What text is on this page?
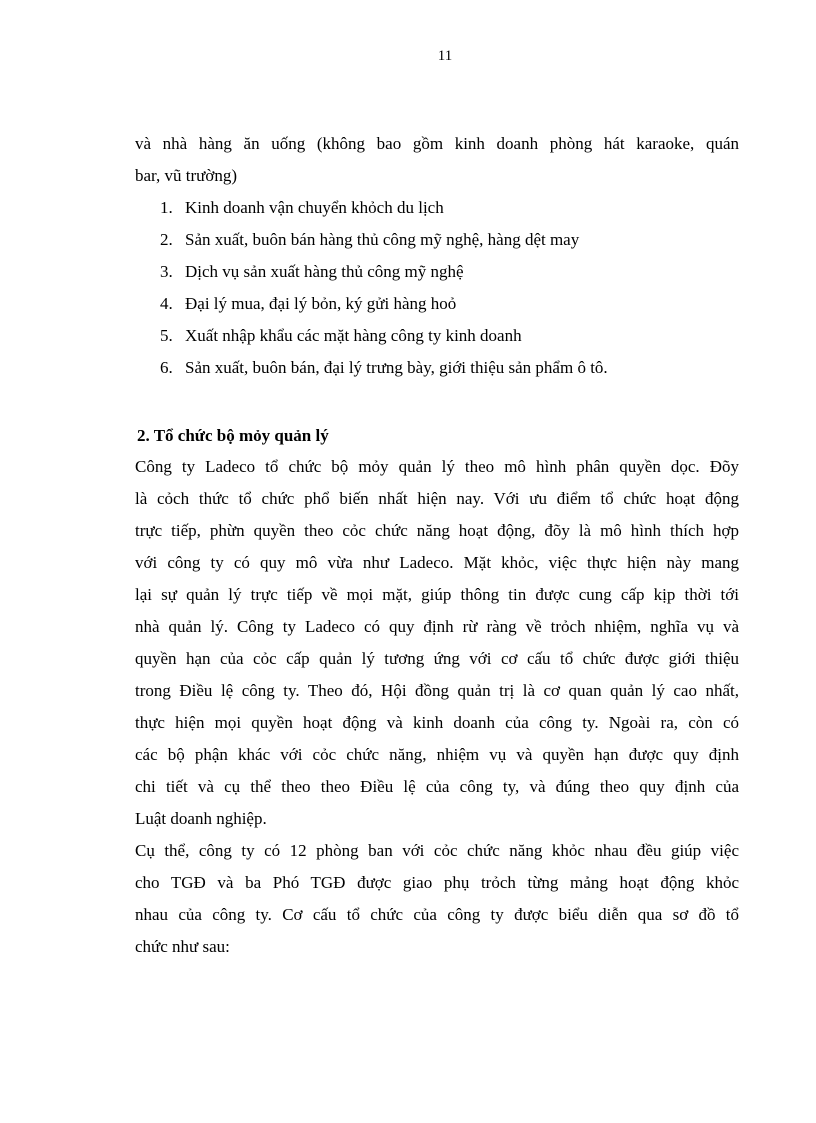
11
và nhà hàng ăn uống (không bao gồm kinh doanh phòng hát karaoke, quán
bar, vũ trường)
1. Kinh doanh vận chuyển khỏch du lịch
2. Sản xuất, buôn bán hàng thủ công mỹ nghệ, hàng dệt may
3. Dịch vụ sản xuất hàng thủ công mỹ nghệ
4. Đại lý mua, đại lý bỏn, ký gửi hàng hoỏ
5. Xuất nhập khẩu các mặt hàng công ty kinh doanh
6. Sản xuất, buôn bán, đại lý trưng bày, giới thiệu sản phẩm ô tô.
2. Tổ chức bộ mỏy quản lý
Công ty Ladeco tổ chức bộ mỏy quản lý theo mô hình phân quyền dọc. Đõy
là cỏch thức tổ chức phổ biến nhất hiện nay. Với ưu điểm tổ chức hoạt động
trực tiếp, phừn quyền theo cỏc chức năng hoạt động, đõy là mô hình thích hợp
với công ty có quy mô vừa như Ladeco. Mặt khỏc, việc thực hiện này mang
lại sự quản lý trực tiếp về mọi mặt, giúp thông tin được cung cấp kịp thời tới
nhà quản lý. Công ty Ladeco có quy định rừ ràng về trỏch nhiệm, nghĩa vụ và
quyền hạn của cỏc cấp quản lý tương ứng với cơ cấu tổ chức được giới thiệu
trong Điều lệ công ty. Theo đó, Hội đồng quản trị là cơ quan quản lý cao nhất,
thực hiện mọi quyền hoạt động và kinh doanh của công ty. Ngoài ra, còn có
các bộ phận khác với cỏc chức năng, nhiệm vụ và quyền hạn được quy định
chi tiết và cụ thể theo theo Điều lệ của công ty, và đúng theo quy định của
Luật doanh nghiệp.
Cụ thể, công ty có 12 phòng ban với cỏc chức năng khỏc nhau đều giúp việc
cho TGĐ và ba Phó TGĐ được giao phụ trỏch từng mảng hoạt động khỏc
nhau của công ty. Cơ cấu tổ chức của công ty được biểu diễn qua sơ đồ tổ
chức như sau:
